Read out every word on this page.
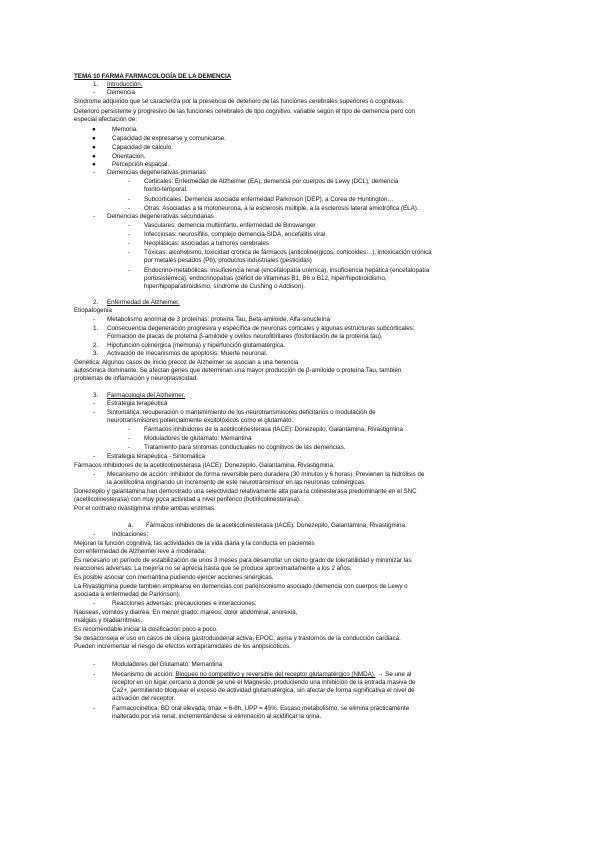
TEMA 10 FARMA FARMACOLOGÍA DE LA DEMENCIA
1. Introducción.
- Demencia
Síndrome adquirido que se caracteriza por la presencia de deterioro de las funciones cerebrales superiores o cognitivas.
Deterioro persistente y progresivo de las funciones cerebrales de tipo cognitivo, variable según el tipo de demencia pero con
especial afectación de:
●	Memoria.
●	Capacidad de expresarse y comunicarse.
●	Capacidad de cálculo.
●	Orientación.
●	Percepción espacial.
- Demencias degenerativas primarias
- Corticales: Enfermedad de Alzheimer (EA), demencia por cuerpos de Lewy (DCL), demencia
fronto-temporal.
- Subcorticales: Demencia asociada enfermedad Parkinson (DEP), a Corea de Huntington…
- Otras: Asociadas a la motoneurona, a la esclerosis múltiple, a la esclerosis lateral amiotrófica (ELA).
- Demencias degenerativas secundarias
- Vasculares: demencia multiinfarto, enfermedad de Binswanger
- Infecciosas: neurosífilis, complejo demencia-SIDA, encefalitis viral
- Neoplásicas: asociadas a tumores cerebrales
- Tóxicas: alcoholismo, toxicidad crónica de fármacos (anticolinérgicos, corticoides…), intoxicación crónica
por metales pesados (Pb), productos industriales (pesticidas)
- Endocrino-metabólicas: insuficiencia renal (encefalopatía urémica), insuficiencia hepática (encefalopatía
portosistémica), endocrinopatías (déficit de vitaminas B1, B6 o B12, hiper/hipotiroidismo,
hiper/hipoparatiroidismo, síndrome de Cushing o Addison).
2. Enfermedad de Alzheimer.
Etiopatogenia
- Metabolismo anormal de 3 proteínas: proteína Tau, Beta-amiloide, Alfa-sinucleína
1. Consecuencia degeneración progresiva y específica de neuronas corticales y algunas estructuras subcorticales:
Formación de placas de proteína β-amiloide y ovillos neurofibrilares (fosforilación de la proteína tau).
2. Hipofunción colinérgica (memoria) y hiperfunción glutamatérgica.
3. Activación de mecanismos de apoptosis: Muerte neuronal.
Genética: Algunos casos de inicio precoz de Alzheimer se asocian a una herencia
autosómica dominante. Se afectan genes que determinan una mayor producción de β-amiloide o proteína Tau, también
problemas de inflamación y neuroplasticidad.
3. Farmacología del Alzheimer.
- Estrategia terapéutica
- Sintomática: recuperación o mantenimiento de los neurotransmisores deficitarios o modulación de
neurotransmisores potencialmente excitotóxicos como el glutamato.
- Fármacos inhibidores de la acetilcolinesterasa (IACE): Donezepilo, Galantamina, Rivastigmina
- Moduladores de glutamato: Memantina
- Tratamiento para síntomas conductuales no cognitivos de las demencias.
- Estrategia terapéutica - Sintomática
Fármacos inhibidores de la acetilcolinesterasa (IACE): Donezepilo, Galantamina, Rivastigmina.
- Mecanismo de acción: inhibidor de forma reversible pero duradera (30 minutos y 6 horas). Previenen la hidrólisis de
la acetilcolina originando un incremento de este neurotransmisor en las neuronas colinérgicas.
Donezepilo y galantamina han demostrado una selectividad relativamente alta para la colinesterasa predominante en el SNC
(acetilcolinesterasa) con muy poca actividad a nivel periférico (butirilcolinesterasa).
Por el contrario rivastigmina inhibe ambas enzimas.
a. Fármacos inhibidores de la acetilcolinesterasa (IACE): Donezepilo, Galantamina, Rivastigmina.
-	Indicaciones:
Mejoran la función cognitiva, las actividades de la vida diaria y la conducta en pacientes
con enfermedad de Alzheimer leve a moderada.
Es necesario un período de estabilización de unos 3 meses para desarrollar un cierto grado de tolerabilidad y minimizar las
reacciones adversas. La mejoría no se aprecia hasta que se produce aproximadamente a los 2 años.
Es posible asociar con memantina pudiendo ejercer acciones sinérgicas.
La Rivastigmina puede también emplearse en demencias con parkinsonismo asociado (demencia con cuerpos de Lewy o
asociada a enfermedad de Parkinson).
-	Reacciones adversas, precauciones e interacciones:
Nauseas, vómitos y diarrea. En menor grado: mareos, dolor abdominal, anorexia,
mialgias y bradiarritmias.
Es recomendable iniciar la dosificación poco a poco.
Se desaconseja el uso en casos de úlcera gastroduodenal activa, EPOC, asma y trastornos de la conducción cardiaca.
Pueden incrementar el riesgo de efectos extrapiramidales de los antipsicóticos.
-	Moduladores del Glutamato: Memantina
-	Mecanismo de acción: Bloqueo no competitivo y reversible del receptor glutamatérgico (NMDA). → Se une al
receptor en un lugar cercano a donde se une el Magnesio, produciendo una inhibición de la entrada masiva de
Ca2+, permitiendo bloquear el exceso de actividad glutamatérgica, sin afectar de forma significativa el nivel de
activación del receptor.
-	Farmacocinética: BD oral elevada, tmax = 6-8h, UPP = 45%. Escaso metabolismo, se elimina prácticamente
inalterado por vía renal, incrementándose si eliminación al acidificar la orina.
